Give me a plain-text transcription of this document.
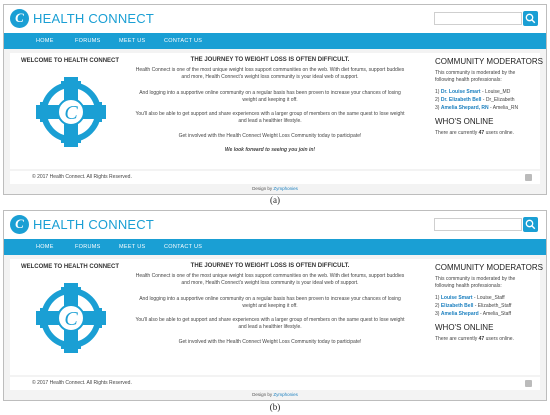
C HEALTH CONNECT
HOME	FORUMS	MEET US	CONTACT US
WELCOME TO HEALTH CONNECT
C
THE JOURNEY TO WEIGHT LOSS IS OFTEN DIFFICULT.
Health Connect is one of the most unique weight loss support communities on the web. With diet forums, support buddies and more, Health Connect's weight loss community is your ideal web of support.
And logging into a supportive online community on a regular basis has been proven to increase your chances of losing weight and keeping it off.
You'll also be able to get support and share experiences with a larger group of members on the same quest to lose weight and lead a healthier lifestyle.
Get involved with the Health Connect Weight Loss Community today to participate!
We look forward to seeing you join in!
COMMUNITY MODERATORS
This community is moderated by the following health professionals:
1) Dr. Louise Smart - Louise_MD
2) Dr. Elizabeth Bell - Dr_Elizabeth
3) Amelia Shepard, RN - Amelia_RN
WHO'S ONLINE
There are currently 47 users online.
© 2017 Health Connect. All Rights Reserved.
Design by Zymphonies
(a)
C HEALTH CONNECT
HOME	FORUMS	MEET US	CONTACT US
WELCOME TO HEALTH CONNECT
C
THE JOURNEY TO WEIGHT LOSS IS OFTEN DIFFICULT.
Health Connect is one of the most unique weight loss support communities on the web. With diet forums, support buddies and more, Health Connect's weight loss community is your ideal web of support.
And logging into a supportive online community on a regular basis has been proven to increase your chances of losing weight and keeping it off.
You'll also be able to get support and share experiences with a larger group of members on the same quest to lose weight and lead a healthier lifestyle.
Get involved with the Health Connect Weight Loss Community today to participate!
COMMUNITY MODERATORS
This community is moderated by the following health professionals:
1) Louise Smart - Louise_Staff
2) Elizabeth Bell - Elizabeth_Staff
3) Amelia Shepard - Amelia_Staff
WHO'S ONLINE
There are currently 47 users online.
© 2017 Health Connect. All Rights Reserved.
Design by Zymphonies
(b)
